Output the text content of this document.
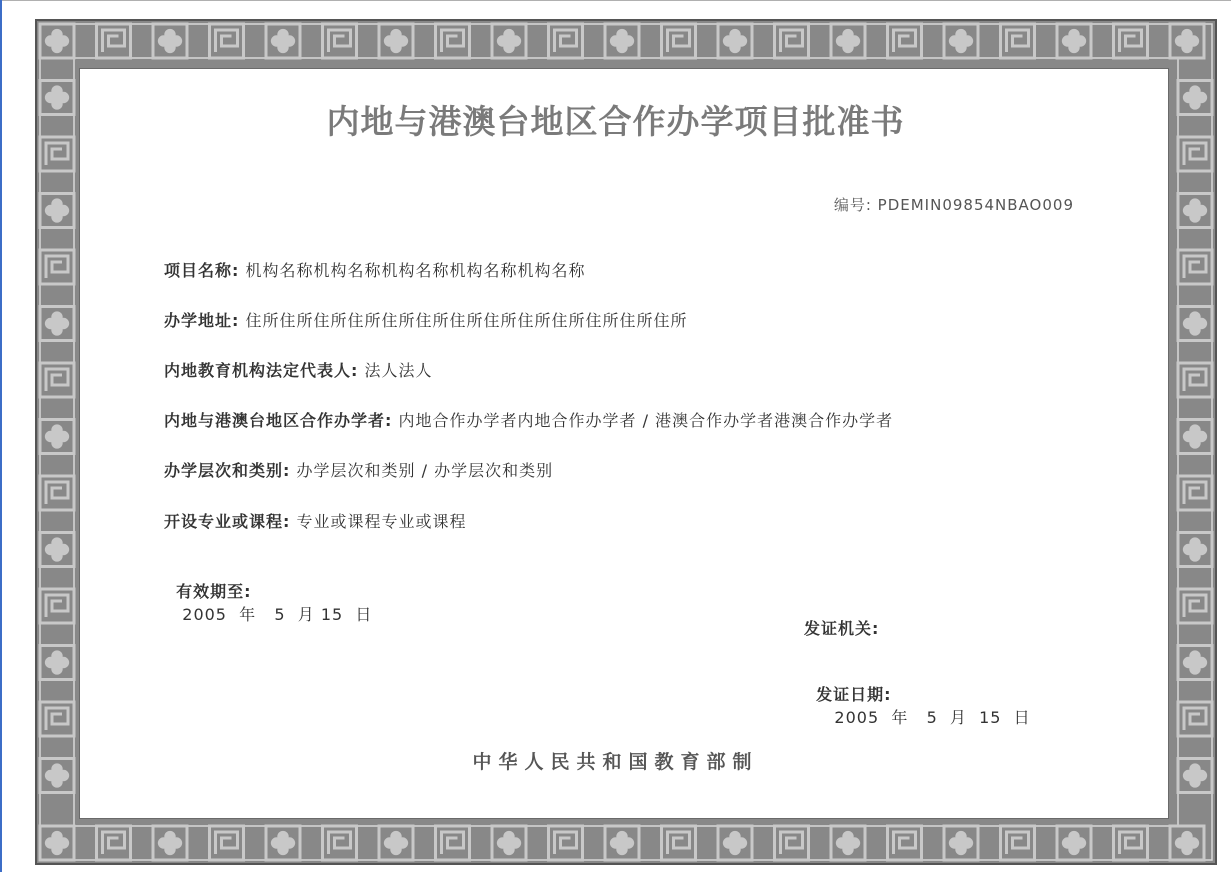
内地与港澳台地区合作办学项目批准书
编号: PDEMIN09854NBAO009
项目名称: 机构名称机构名称机构名称机构名称机构名称
办学地址: 住所住所住所住所住所住所住所住所住所住所住所住所住所
内地教育机构法定代表人: 法人法人
内地与港澳台地区合作办学者: 内地合作办学者内地合作办学者 / 港澳合作办学者港澳合作办学者
办学层次和类别: 办学层次和类别 / 办学层次和类别
开设专业或课程: 专业或课程专业或课程

有效期至:
2005  年   5  月 15  日

发证机关:

发证日期:
2005  年   5  月  15  日

中华人民共和国教育部制
